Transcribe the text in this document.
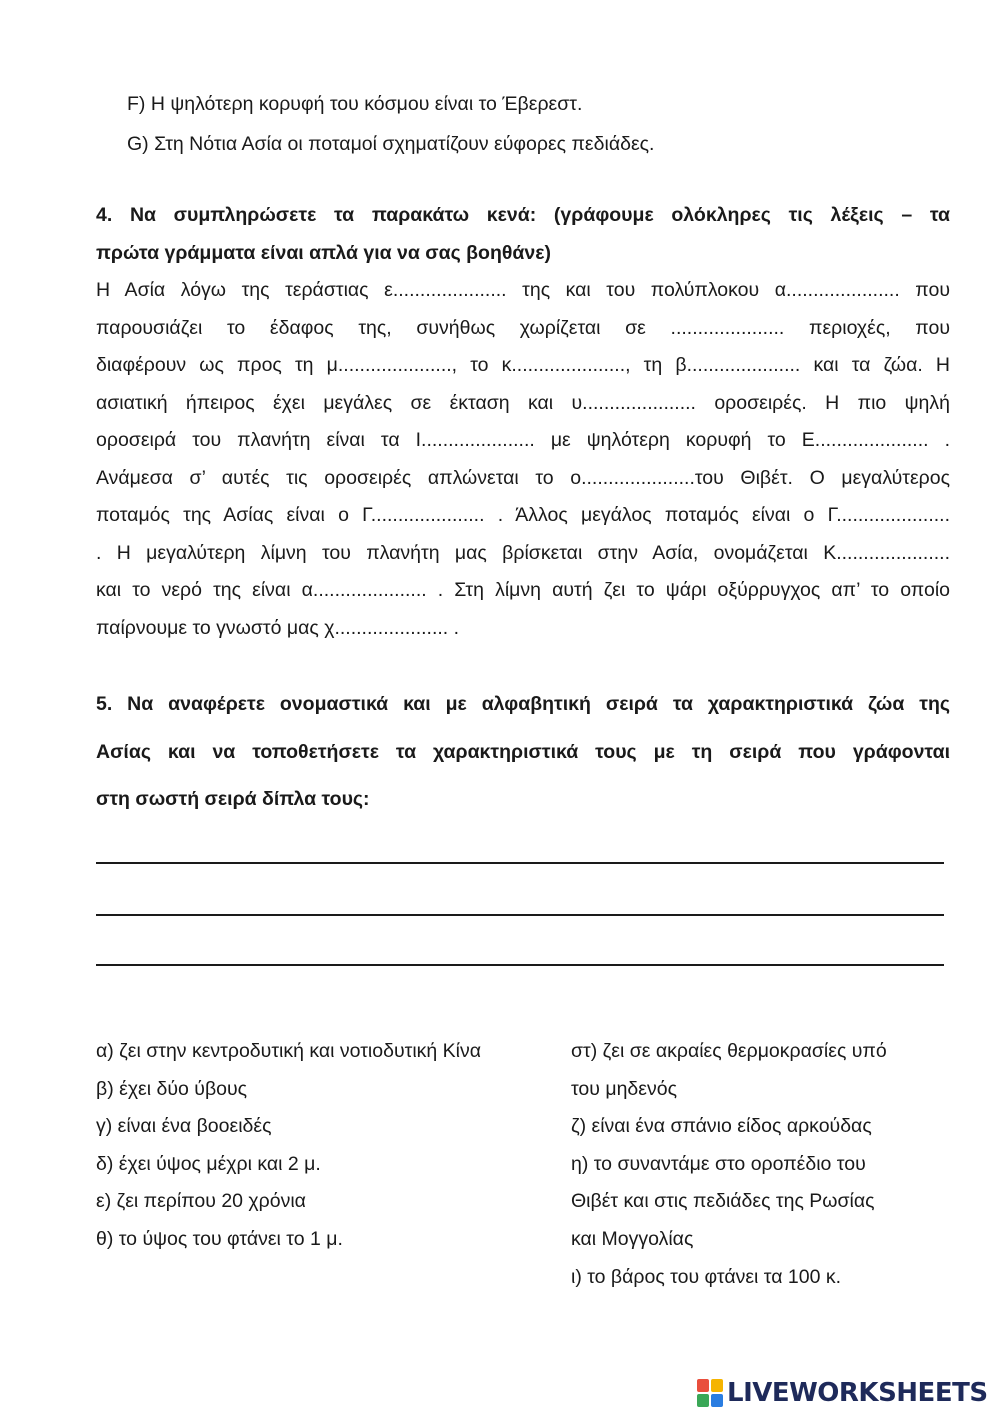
F) Η ψηλότερη κορυφή του κόσμου είναι το Έβερεστ.
G) Στη Νότια Ασία οι ποταμοί σχηματίζουν εύφορες πεδιάδες.
4. Να συμπληρώσετε τα παρακάτω κενά: (γράφουμε ολόκληρες τις λέξεις – τα
πρώτα γράμματα είναι απλά για να σας βοηθάνε)
Η Ασία λόγω της τεράστιας ε..................... της και του πολύπλοκου α..................... που
παρουσιάζει το έδαφος της, συνήθως χωρίζεται σε ..................... περιοχές, που
διαφέρουν ως προς τη μ....................., το κ....................., τη β..................... και τα ζώα. Η
ασιατική ήπειρος έχει μεγάλες σε έκταση και υ..................... οροσειρές. Η πιο ψηλή
οροσειρά του πλανήτη είναι τα Ι..................... με ψηλότερη κορυφή το Ε..................... .
Ανάμεσα σ’ αυτές τις οροσειρές απλώνεται το ο.....................του Θιβέτ. Ο μεγαλύτερος
ποταμός της Ασίας είναι ο Γ..................... . Άλλος μεγάλος ποταμός είναι ο Γ.....................
. Η μεγαλύτερη λίμνη του πλανήτη μας βρίσκεται στην Ασία, ονομάζεται Κ.....................
και το νερό της είναι α..................... . Στη λίμνη αυτή ζει το ψάρι οξύρρυγχος απ’ το οποίο
παίρνουμε το γνωστό μας χ..................... .
5. Να αναφέρετε ονομαστικά και με αλφαβητική σειρά τα χαρακτηριστικά ζώα της
Ασίας και να τοποθετήσετε τα χαρακτηριστικά τους με τη σειρά που γράφονται
στη σωστή σειρά δίπλα τους:
α) ζει στην κεντροδυτική και νοτιοδυτική Κίνα
β) έχει δύο ύβους
γ) είναι ένα βοοειδές
δ) έχει ύψος μέχρι και 2 μ.
ε) ζει περίπου 20 χρόνια
θ) το ύψος του φτάνει το 1 μ.
στ) ζει σε ακραίες θερμοκρασίες υπό
του μηδενός
ζ) είναι ένα σπάνιο είδος αρκούδας
η) το συναντάμε στο οροπέδιο του
Θιβέτ και στις πεδιάδες της Ρωσίας
και Μογγολίας
ι) το βάρος του φτάνει τα 100 κ.
LIVEWORKSHEETS
